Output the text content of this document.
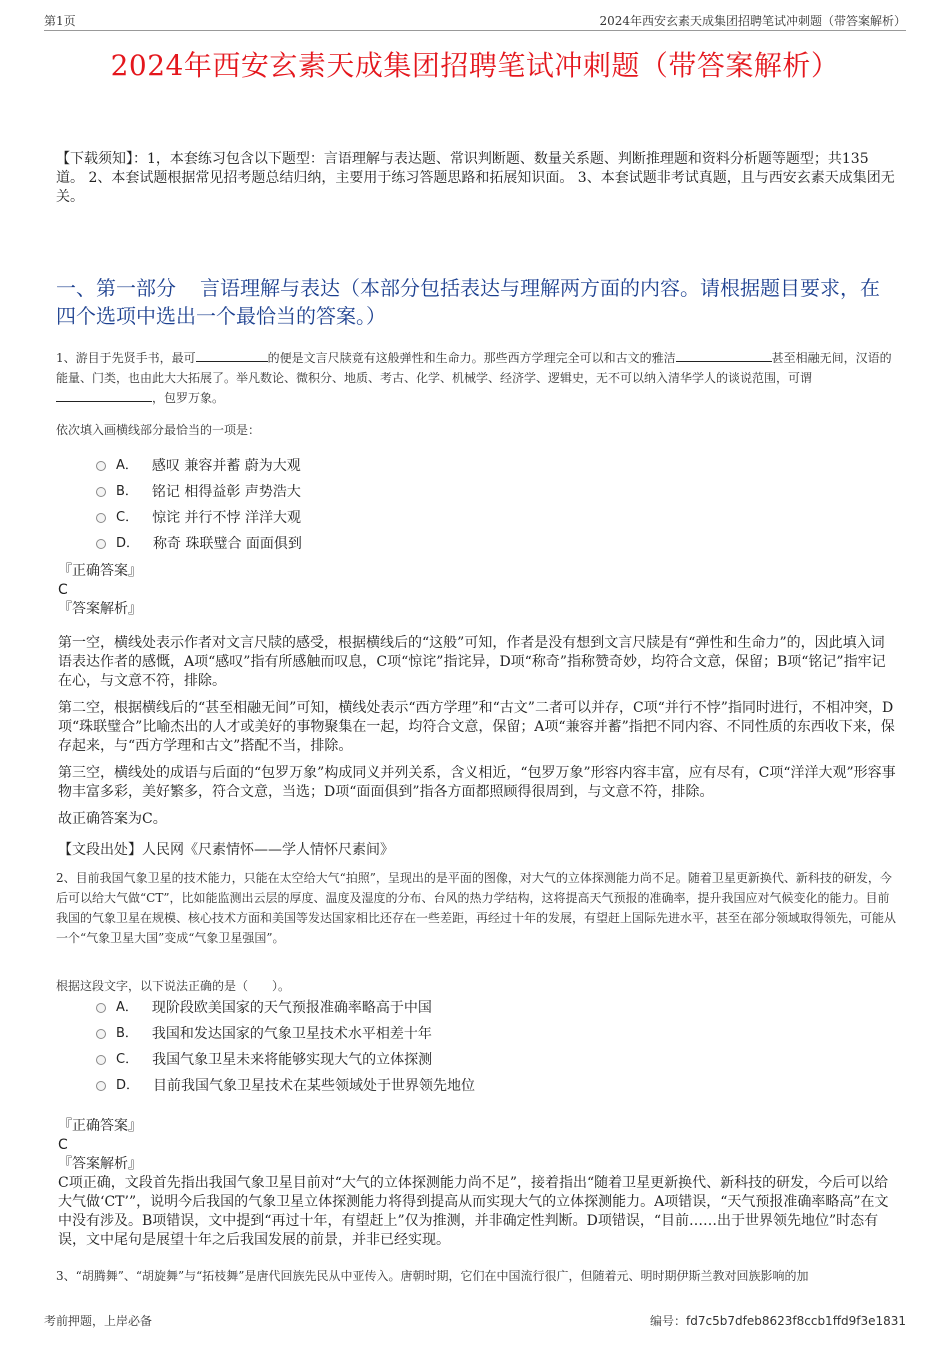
第1页	2024年西安玄素天成集团招聘笔试冲刺题（带答案解析）
2024年西安玄素天成集团招聘笔试冲刺题（带答案解析）
【下载须知】：1，本套练习包含以下题型：言语理解与表达题、常识判断题、数量关系题、判断推理题和资料分析题等题型；共135道。 2、本套试题根据常见招考题总结归纳，主要用于练习答题思路和拓展知识面。 3、本套试题非考试真题，且与西安玄素天成集团无关。
一、第一部分 言语理解与表达（本部分包括表达与理解两方面的内容。请根据题目要求，在四个选项中选出一个最恰当的答案。）
1、游目于先贤手书，最可	的便是文言尺牍竟有这般弹性和生命力。那些西方学理完全可以和古文的雅洁	甚至相融无间，汉语的能量、门类，也由此大大拓展了。举凡数论、微积分、地质、考古、化学、机械学、经济学、逻辑史，无不可以纳入清华学人的谈说范围，可谓，包罗万象。
依次填入画横线部分最恰当的一项是：
A． 感叹 兼容并蓄 蔚为大观
B． 铭记 相得益彰 声势浩大
C． 惊诧 并行不悖 洋洋大观
D． 称奇 珠联璧合 面面俱到
『正确答案』
C
『答案解析』

第一空，横线处表示作者对文言尺牍的感受，根据横线后的“这般”可知，作者是没有想到文言尺牍是有“弹性和生命力”的，因此填入词语表达作者的感慨，A项“感叹”指有所感触而叹息，C项“惊诧”指诧异，D项“称奇”指称赞奇妙，均符合文意，保留；B项“铭记”指牢记在心，与文意不符，排除。

第二空，根据横线后的“甚至相融无间”可知，横线处表示“西方学理”和“古文”二者可以并存，C项“并行不悖”指同时进行，不相冲突，D项“珠联璧合”比喻杰出的人才或美好的事物聚集在一起，均符合文意，保留；A项“兼容并蓄”指把不同内容、不同性质的东西收下来，保存起来，与“西方学理和古文”搭配不当，排除。

第三空，横线处的成语与后面的“包罗万象”构成同义并列关系，含义相近，“包罗万象”形容内容丰富，应有尽有，C项“洋洋大观”形容事物丰富多彩，美好繁多，符合文意，当选；D项“面面俱到”指各方面都照顾得很周到，与文意不符，排除。

故正确答案为C。

【文段出处】人民网《尺素情怀——学人情怀尺素间》

2、目前我国气象卫星的技术能力，只能在太空给大气“拍照”，呈现出的是平面的图像，对大气的立体探测能力尚不足。随着卫星更新换代、新科技的研发，今后可以给大气做“CT”，比如能监测出云层的厚度、温度及湿度的分布、台风的热力学结构，这将提高天气预报的准确率，提升我国应对气候变化的能力。目前我国的气象卫星在规模、核心技术方面和美国等发达国家相比还存在一些差距，再经过十年的发展，有望赶上国际先进水平，甚至在部分领域取得领先，可能从一个“气象卫星大国”变成“气象卫星强国”。
根据这段文字，以下说法正确的是（　　）。
A． 现阶段欧美国家的天气预报准确率略高于中国
B． 我国和发达国家的气象卫星技术水平相差十年
C． 我国气象卫星未来将能够实现大气的立体探测
D． 目前我国气象卫星技术在某些领域处于世界领先地位
『正确答案』
C
『答案解析』

C项正确，文段首先指出我国气象卫星目前对“大气的立体探测能力尚不足”，接着指出“随着卫星更新换代、新科技的研发，今后可以给大气做‘CT’”，说明今后我国的气象卫星立体探测能力将得到提高从而实现大气的立体探测能力。A项错误，“天气预报准确率略高”在文中没有涉及。B项错误，文中提到“再过十年，有望赶上”仅为推测，并非确定性判断。D项错误，“目前……出于世界领先地位”时态有误，文中尾句是展望十年之后我国发展的前景，并非已经实现。

3、“胡腾舞”、“胡旋舞”与“拓枝舞”是唐代回族先民从中亚传入。唐朝时期，它们在中国流行很广，但随着元、明时期伊斯兰教对回族影响的加
考前押题，上岸必备	编号：fd7c5b7dfeb8623f8ccb1ffd9f3e1831
